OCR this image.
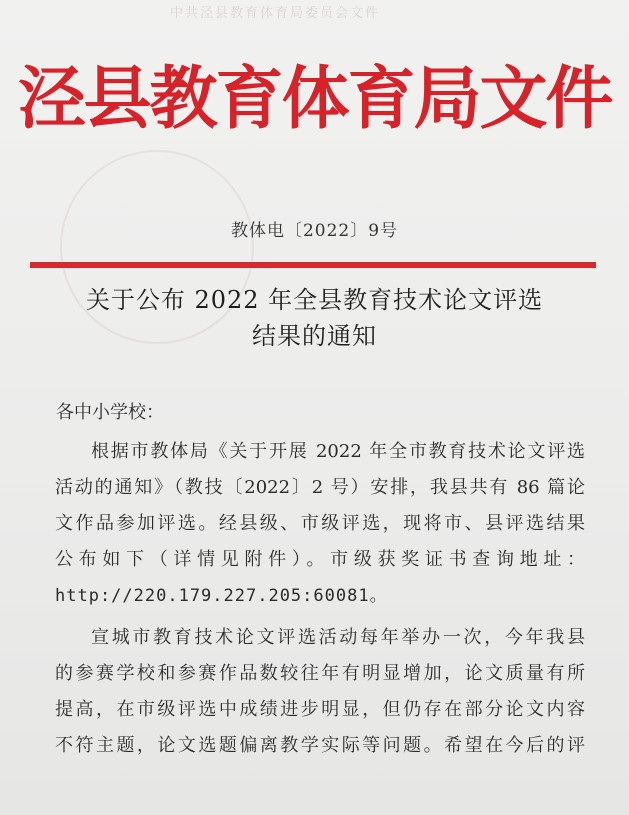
中共泾县教育体育局委员会文件
泾县教育体育局文件
教体电〔2022〕9号
关于公布 2022 年全县教育技术论文评选
结果的通知
各中小学校：
根据市教体局《关于开展 2022 年全市教育技术论文评选
活动的通知》（教技〔2022〕2 号）安排，我县共有 86 篇论
文作品参加评选。经县级、市级评选，现将市、县评选结果
公布如下（详情见附件）。市级获奖证书查询地址：
http://220.179.227.205:60081。
宣城市教育技术论文评选活动每年举办一次，今年我县
的参赛学校和参赛作品数较往年有明显增加，论文质量有所
提高，在市级评选中成绩进步明显，但仍存在部分论文内容
不符主题，论文选题偏离教学实际等问题。希望在今后的评
